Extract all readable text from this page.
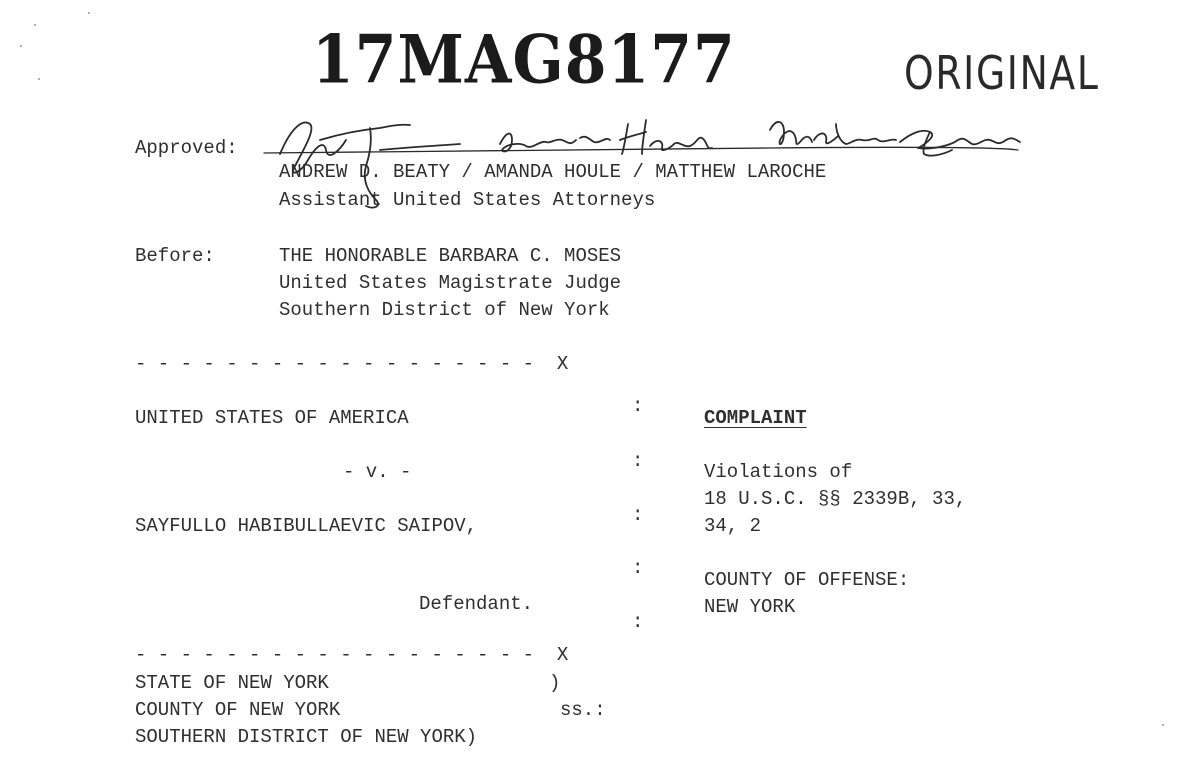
17MAG8177	ORIGINAL
Approved:
ANDREW D. BEATY / AMANDA HOULE / MATTHEW LAROCHE
Assistant United States Attorneys
Before:	THE HONORABLE BARBARA C. MOSES
United States Magistrate Judge
Southern District of New York
- - - - - - - - - - - - - - - - - -  X
:
:
:
:
:
UNITED STATES OF AMERICA
- v. -
SAYFULLO HABIBULLAEVIC SAIPOV,
Defendant.
- - - - - - - - - - - - - - - - - -  X
COMPLAINT
Violations of
18 U.S.C. §§ 2339B, 33,
34, 2
COUNTY OF OFFENSE:
NEW YORK
STATE OF NEW YORK	)
COUNTY OF NEW YORK	ss.:
SOUTHERN DISTRICT OF NEW YORK)
